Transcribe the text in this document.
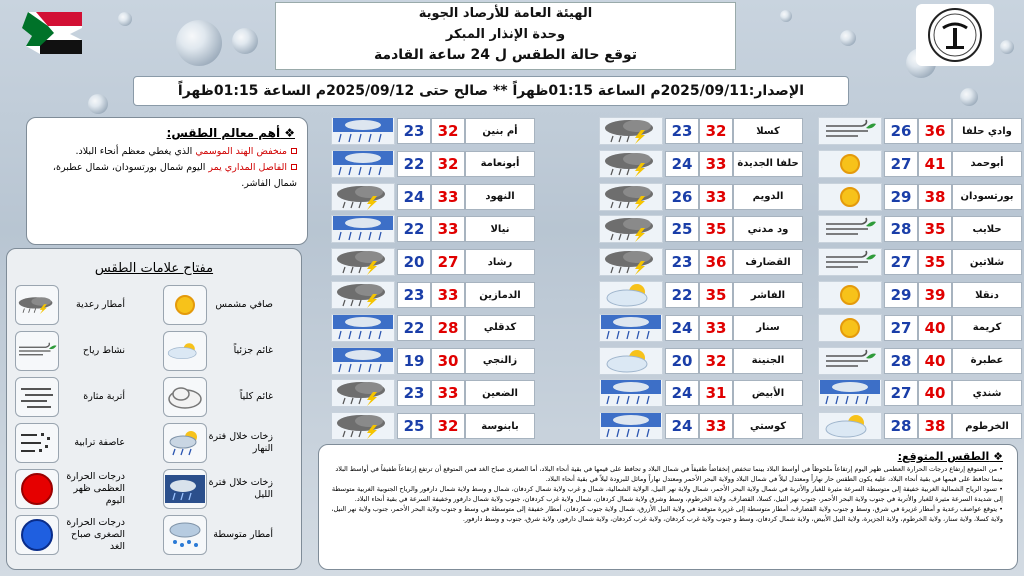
الهيئة العامة للأرصاد الجوية
وحدة الإنذار المبكر
توقع حالة الطقس ل 24 ساعة القادمة
الإصدار:2025/09/11م الساعة 01:15ظهراً ** صالح حتى 2025/09/12م الساعة 01:15ظهراً
وادي حلفا
36
26
أبوحمد
41
27
بورتسودان
38
29
حلايب
35
28
شلاتين
35
27
دنقلا
39
29
كريمة
40
27
عطبرة
40
28
شندي
40
27
الخرطوم
38
28
كسلا
32
23
حلفا الجديدة
33
24
الدويم
33
26
ود مدني
35
25
القضارف
36
23
الفاشر
35
22
سنار
33
24
الجنينة
32
20
الأبيض
31
24
كوستي
33
24
أم بنين
32
23
أبونعامة
32
22
النهود
33
24
نيالا
33
22
رشاد
27
20
الدمازين
33
23
كدقلي
28
22
زالنجي
30
19
الضعين
33
23
بابنوسة
32
25
❖ أهم معالم الطقس:

منخفض الهند الموسمي الذي يغطي معظم أنحاء البلاد.

الفاصل المداري يمر اليوم شمال بورتسودان، شمال عطبرة، شمال الفاشر.

مفتاح علامات الطقس
صافي مشمس
أمطار رعدية
غائم جزئياً
نشاط رياح
غائم كلياً
أتربة مثارة
زخات خلال فترة النهار
عاصفة ترابية
زخات خلال فترة الليل
درجات الحرارة العظمى ظهر اليوم
أمطار متوسطة
درجات الحرارة الصغرى صباح الغد
❖ الطقس المتوقع:

• من المتوقع إرتفاع درجات الحرارة العظمى ظهر اليوم إرتفاعاً ملحوظاً في أواسط البلاد بينما تنخفض إنخفاضاً طفيفاً في شمال البلاد و تحافظ على قيمها في بقية أنحاء البلاد، أما الصغرى صباح الغد فمن المتوقع أن ترتفع إرتفاعاً طفيفاً في أواسط البلاد بينما تحافظ على قيمها في بقية أنحاء البلاد، عليه يكون الطقس حار نهاراً ومعتدل ليلاً في شمال البلاد وولاية البحر الأحمر ومعتدل نهاراً ومائل للبرودة ليلاً في بقية أنحاء البلاد.

• تسود الرياح الشمالية الغربية خفيفة إلى متوسطة السرعة مثيرة للغبار والأتربة في شمال ولاية البحر الأحمر، شمال ولاية نهر النيل، الولاية الشمالية، شمال و غرب ولاية شمال كردفان، شمال و وسط ولاية شمال دارفور والرياح الجنوبية الغربية متوسطة إلى شديدة السرعة مثيرة للغبار والأتربة في جنوب ولاية البحر الأحمر، جنوب نهر النيل، كسلا، القضارف، ولاية الخرطوم، وسط وشرق ولاية شمال كردفان، شمال ولاية غرب كردفان، جنوب ولاية شمال دارفور وخفيفة السرعة في بقية أنحاء البلاد.

• يتوقع عواصف رعدية و أمطار غزيرة في شرق، وسط و جنوب ولاية القضارف، أمطار متوسطة إلى غزيرة متوقعة في ولاية النيل الأزرق، شمال ولاية جنوب كردفان، أمطار خفيفة إلى متوسطة في وسط و جنوب ولاية البحر الأحمر، جنوب ولاية نهر النيل، ولاية كسلا، ولاية سنار، ولاية الخرطوم، ولاية الجزيرة، ولاية النيل الأبيض، ولاية شمال كردفان، وسط و جنوب ولاية غرب كردفان، ولاية غرب كردفان، ولاية شمال دارفور، ولاية شرق، جنوب و وسط دارفور.
